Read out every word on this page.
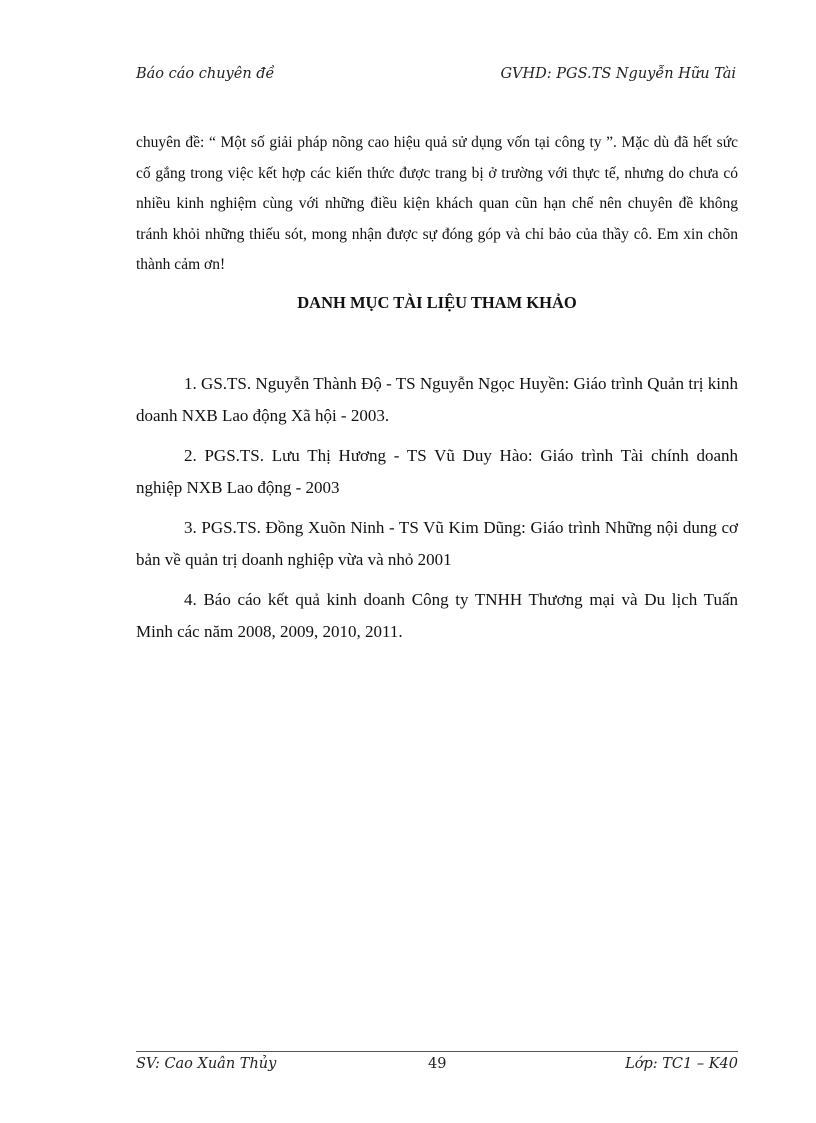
Báo cáo chuyên đề	GVHD: PGS.TS Nguyễn Hữu Tài
chuyên đề: “ Một số giải pháp nõng cao hiệu quả sử dụng vốn tại công ty ”. Mặc dù đã hết sức cố gắng trong việc kết hợp các kiến thức được trang bị ở trường với thực tế, nhưng do chưa có nhiều kinh nghiệm cùng với những điều kiện khách quan cũn hạn chế nên chuyên đề không tránh khỏi những thiếu sót, mong nhận được sự đóng góp và chỉ bảo của thầy cô. Em xin chõn thành cảm ơn!
DANH MỤC TÀI LIỆU THAM KHẢO

1. GS.TS. Nguyễn Thành Độ - TS Nguyễn Ngọc Huyền: Giáo trình Quản trị kinh doanh NXB Lao động Xã hội - 2003.

2. PGS.TS. Lưu Thị Hương - TS Vũ Duy Hào: Giáo trình Tài chính doanh nghiệp NXB Lao động - 2003

3. PGS.TS. Đồng Xuõn Ninh - TS Vũ Kim Dũng: Giáo trình Những nội dung cơ bản về quản trị doanh nghiệp vừa và nhỏ 2001

4. Báo cáo kết quả kinh doanh Công ty TNHH Thương mại và Du lịch Tuấn Minh các năm 2008, 2009, 2010, 2011.

SV: Cao Xuân Thủy	49	Lớp: TC1 – K40
